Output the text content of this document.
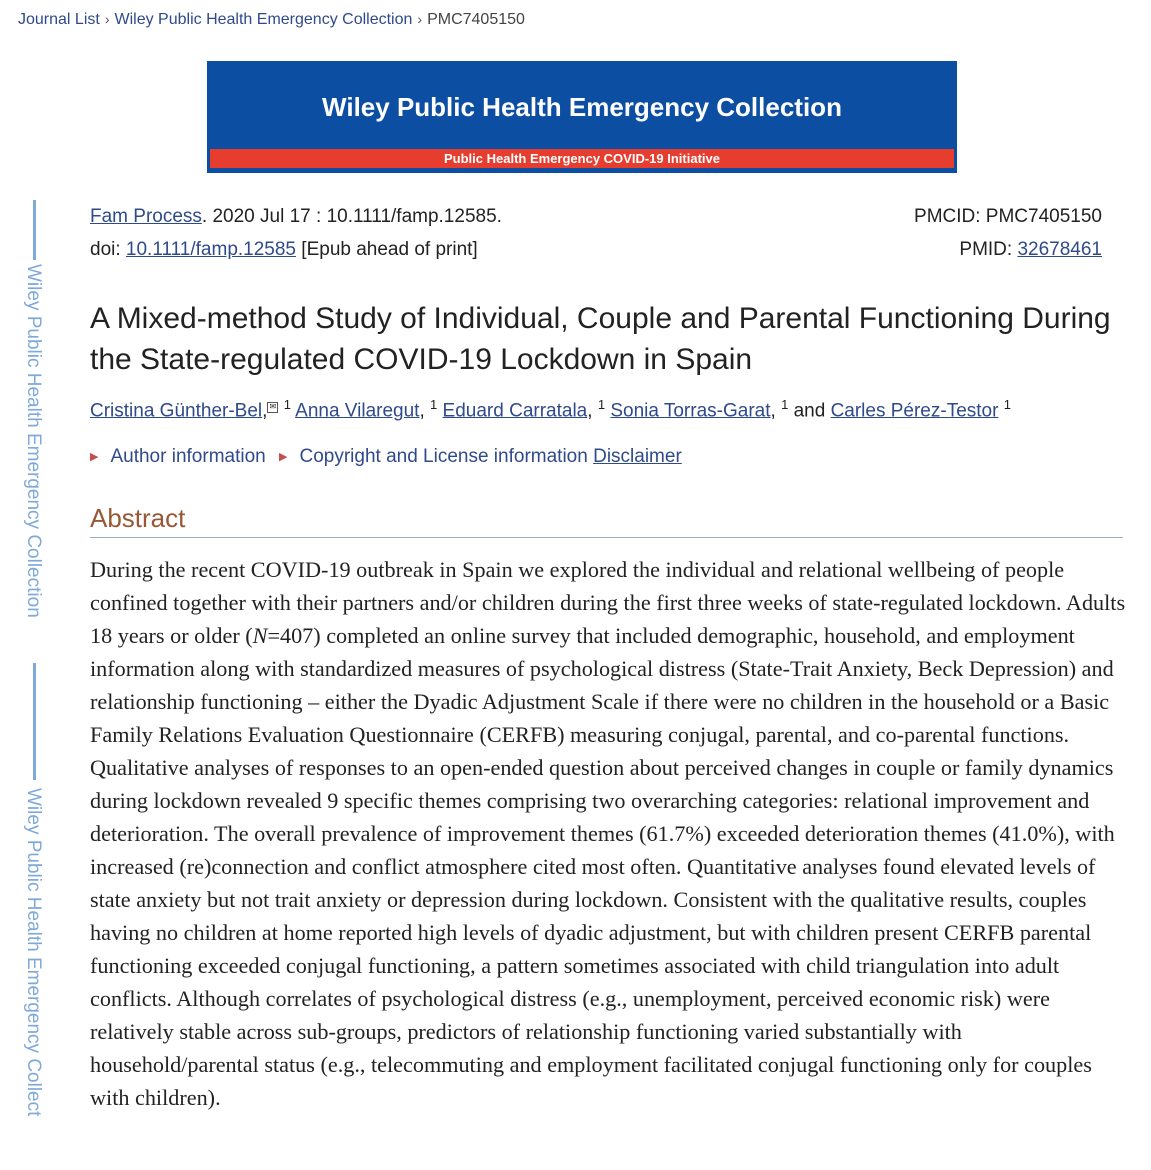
Journal List › Wiley Public Health Emergency Collection › PMC7405150
Wiley Public Health Emergency Collection
Public Health Emergency COVID-19 Initiative
Wiley Public Health Emergency Collection
Wiley Public Health Emergency Collect
Fam Process. 2020 Jul 17 : 10.1111/famp.12585.	PMCID: PMC7405150
doi: 10.1111/famp.12585 [Epub ahead of print]	PMID: 32678461
A Mixed-method Study of Individual, Couple and Parental Functioning During the State-regulated COVID-19 Lockdown in Spain
Cristina Günther-Bel, ✉ $^1$ Anna Vilaregut, $^1$ Eduard Carratala, $^1$ Sonia Torras-Garat, $^1$ and Carles Pérez-Testor $^1$
▶ Author information ▶ Copyright and License information Disclaimer
Abstract

During the recent COVID-19 outbreak in Spain we explored the individual and relational wellbeing of people confined together with their partners and/or children during the first three weeks of state-regulated lockdown. Adults 18 years or older (N=407) completed an online survey that included demographic, household, and employment information along with standardized measures of psychological distress (State-Trait Anxiety, Beck Depression) and relationship functioning – either the Dyadic Adjustment Scale if there were no children in the household or a Basic Family Relations Evaluation Questionnaire (CERFB) measuring conjugal, parental, and co-parental functions. Qualitative analyses of responses to an open-ended question about perceived changes in couple or family dynamics during lockdown revealed 9 specific themes comprising two overarching categories: relational improvement and deterioration. The overall prevalence of improvement themes (61.7%) exceeded deterioration themes (41.0%), with increased (re)connection and conflict atmosphere cited most often. Quantitative analyses found elevated levels of state anxiety but not trait anxiety or depression during lockdown. Consistent with the qualitative results, couples having no children at home reported high levels of dyadic adjustment, but with children present CERFB parental functioning exceeded conjugal functioning, a pattern sometimes associated with child triangulation into adult conflicts. Although correlates of psychological distress (e.g., unemployment, perceived economic risk) were relatively stable across sub-groups, predictors of relationship functioning varied substantially with household/parental status (e.g., telecommuting and employment facilitated conjugal functioning only for couples with children).
